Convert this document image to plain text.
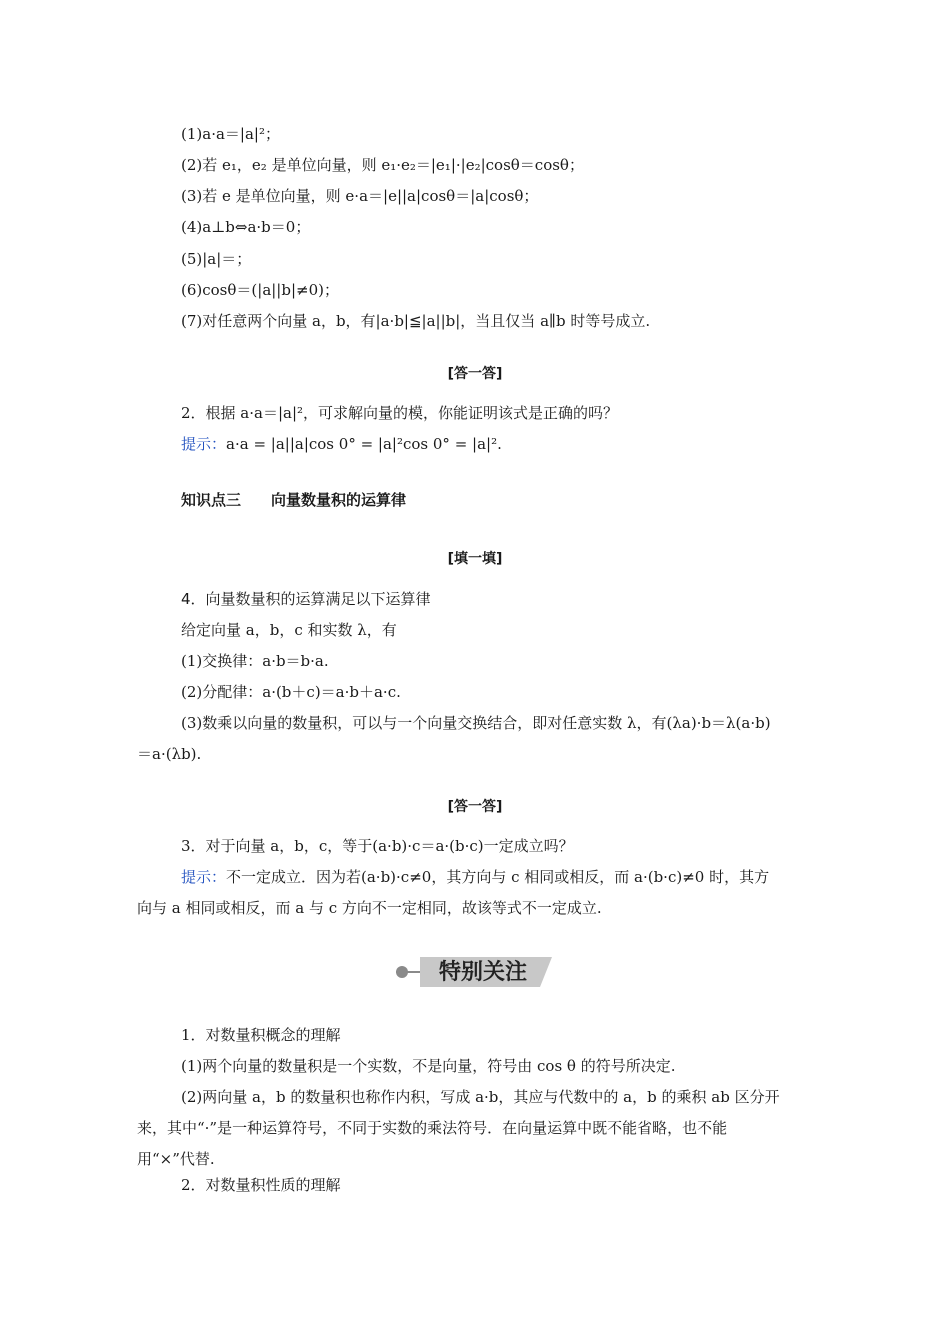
(1)a·a＝|a|²；
(2)若 e₁，e₂ 是单位向量，则 e₁·e₂＝|e₁|·|e₂|cosθ＝cosθ；
(3)若 e 是单位向量，则 e·a＝|e||a|cosθ＝|a|cosθ；
(4)a⊥b⇔a·b＝0；
(5)|a|＝；
(6)cosθ＝(|a||b|≠0)；
(7)对任意两个向量 a，b，有|a·b|≦|a||b|，当且仅当 a∥b 时等号成立.
[答一答]
2．根据 a·a＝|a|²，可求解向量的模，你能证明该式是正确的吗？
提示：a·a = |a||a|cos 0° = |a|²cos 0° = |a|².
知识点三　　向量数量积的运算律
[填一填]
4．向量数量积的运算满足以下运算律
给定向量 a，b，c 和实数 λ，有
(1)交换律：a·b＝b·a.
(2)分配律：a·(b＋c)＝a·b＋a·c.
(3)数乘以向量的数量积，可以与一个向量交换结合，即对任意实数 λ，有(λa)·b＝λ(a·b)
＝a·(λb).
[答一答]
3．对于向量 a，b，c，等于(a·b)·c＝a·(b·c)一定成立吗？
提示：不一定成立．因为若(a·b)·c≠0，其方向与 c 相同或相反，而 a·(b·c)≠0 时，其方
向与 a 相同或相反，而 a 与 c 方向不一定相同，故该等式不一定成立.
特别关注
1．对数量积概念的理解
(1)两个向量的数量积是一个实数，不是向量，符号由 cos θ 的符号所决定.
(2)两向量 a，b 的数量积也称作内积，写成 a·b，其应与代数中的 a，b 的乘积 ab 区分开
来，其中“·”是一种运算符号，不同于实数的乘法符号．在向量运算中既不能省略，也不能
用“×”代替.
2．对数量积性质的理解
